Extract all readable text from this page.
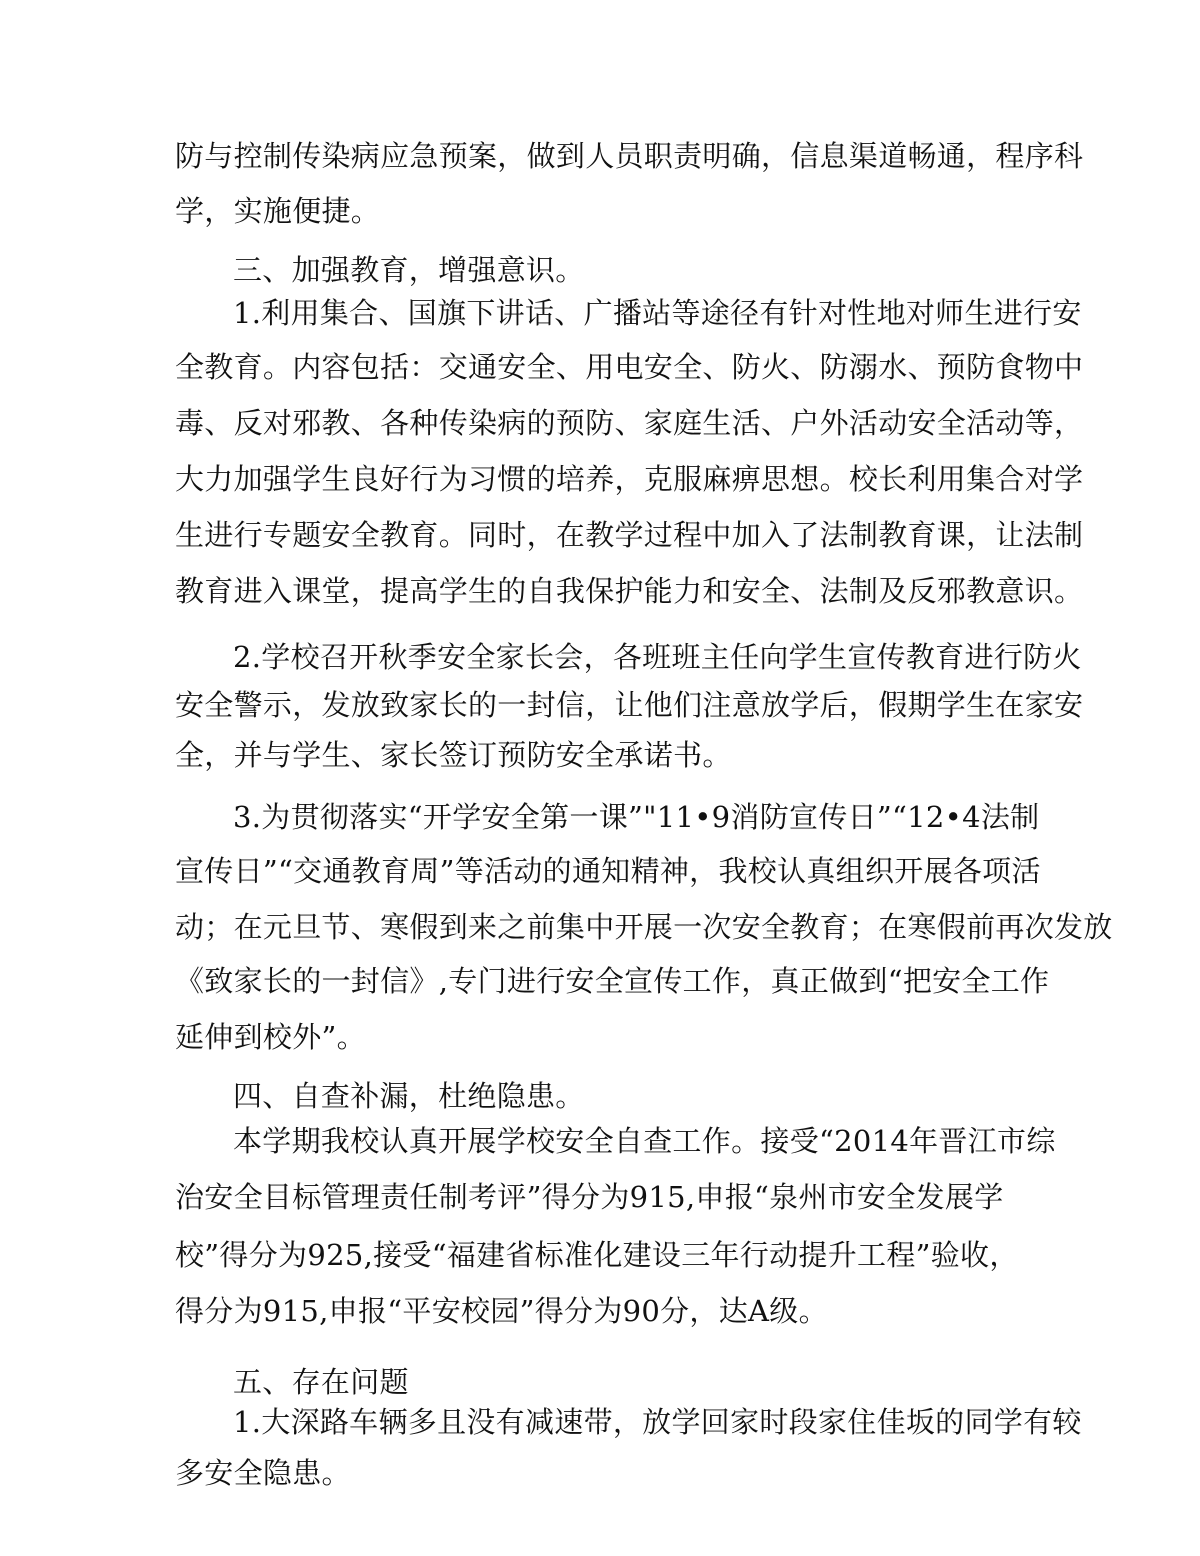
防与控制传染病应急预案，做到人员职责明确，信息渠道畅通，程序科
学，实施便捷。
三、加强教育，增强意识。
1.利用集合、国旗下讲话、广播站等途径有针对性地对师生进行安
全教育。内容包括：交通安全、用电安全、防火、防溺水、预防食物中
毒、反对邪教、各种传染病的预防、家庭生活、户外活动安全活动等，
大力加强学生良好行为习惯的培养，克服麻痹思想。校长利用集合对学
生进行专题安全教育。同时，在教学过程中加入了法制教育课，让法制
教育进入课堂，提高学生的自我保护能力和安全、法制及反邪教意识。
2.学校召开秋季安全家长会，各班班主任向学生宣传教育进行防火
安全警示，发放致家长的一封信，让他们注意放学后，假期学生在家安
全，并与学生、家长签订预防安全承诺书。
3.为贯彻落实“开学安全第一课”"11•9消防宣传日”“12•4法制
宣传日”“交通教育周”等活动的通知精神，我校认真组织开展各项活
动；在元旦节、寒假到来之前集中开展一次安全教育；在寒假前再次发放
《致家长的一封信》,专门进行安全宣传工作，真正做到“把安全工作
延伸到校外”。
四、自查补漏，杜绝隐患。
本学期我校认真开展学校安全自查工作。接受“2014年晋江市综
治安全目标管理责任制考评”得分为915,申报“泉州市安全发展学
校”得分为925,接受“福建省标准化建设三年行动提升工程”验收，
得分为915,申报“平安校园”得分为90分，达A级。
五、存在问题
1.大深路车辆多且没有减速带，放学回家时段家住佳坂的同学有较
多安全隐患。
